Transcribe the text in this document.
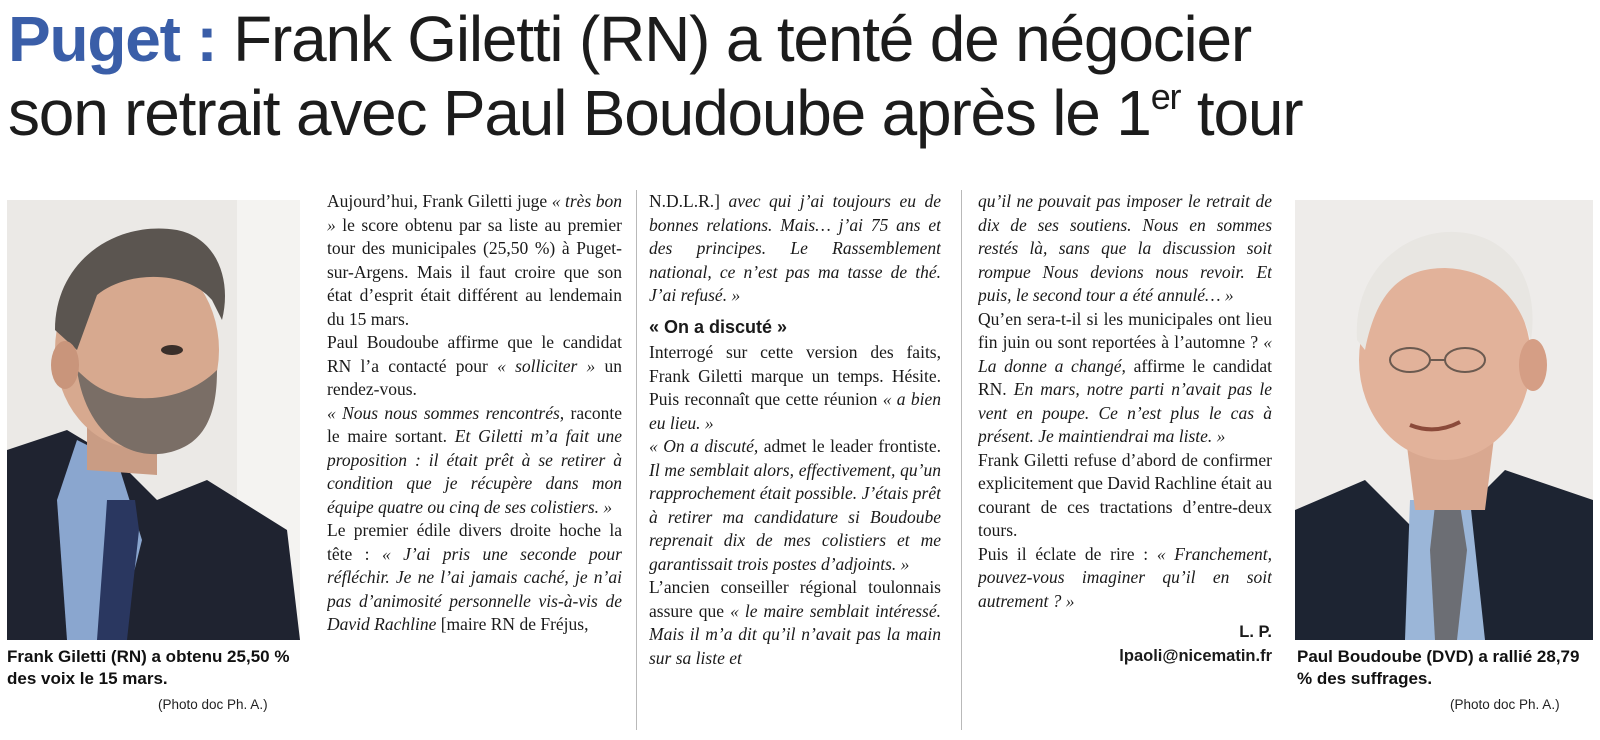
Puget : Frank Giletti (RN) a tenté de négocier
son retrait avec Paul Boudoube après le 1er tour
Frank Giletti (RN) a obtenu 25,50 % des voix le 15 mars.
(Photo doc Ph. A.)
Paul Boudoube (DVD) a rallié 28,79 % des suffrages.
(Photo doc Ph. A.)

Aujourd’hui, Frank Giletti juge « très bon » le score obtenu par sa liste au premier tour des municipales (25,50 %) à Puget-sur-Argens. Mais il faut croire que son état d’esprit était différent au lendemain du 15 mars.

Paul Boudoube affirme que le candidat RN l’a contacté pour « solliciter » un rendez-vous.

« Nous nous sommes rencontrés, raconte le maire sortant. Et Giletti m’a fait une proposition : il était prêt à se retirer à condition que je récupère dans mon équipe quatre ou cinq de ses colistiers. »

Le premier édile divers droite hoche la tête : « J’ai pris une seconde pour réfléchir. Je ne l’ai jamais caché, je n’ai pas d’animosité personnelle vis-à-vis de David Rachline [maire RN de Fréjus,

N.D.L.R.] avec qui j’ai toujours eu de bonnes relations. Mais… j’ai 75 ans et des principes. Le Rassemblement national, ce n’est pas ma tasse de thé. J’ai refusé. »

« On a discuté »

Interrogé sur cette version des faits, Frank Giletti marque un temps. Hésite. Puis reconnaît que cette réunion « a bien eu lieu. »

« On a discuté, admet le leader frontiste. Il me semblait alors, effectivement, qu’un rapprochement était possible. J’étais prêt à retirer ma candidature si Boudoube reprenait dix de mes colistiers et me garantissait trois postes d’adjoints. »

L’ancien conseiller régional toulonnais assure que « le maire semblait intéressé. Mais il m’a dit qu’il n’avait pas la main sur sa liste et

qu’il ne pouvait pas imposer le retrait de dix de ses soutiens. Nous en sommes restés là, sans que la discussion soit rompue Nous devions nous revoir. Et puis, le second tour a été annulé… »

Qu’en sera-t-il si les municipales ont lieu fin juin ou sont reportées à l’automne ? « La donne a changé, affirme le candidat RN. En mars, notre parti n’avait pas le vent en poupe. Ce n’est plus le cas à présent. Je maintiendrai ma liste. »

Frank Giletti refuse d’abord de confirmer explicitement que David Rachline était au courant de ces tractations d’entre-deux tours.

Puis il éclate de rire : « Franchement, pouvez-vous imaginer qu’il en soit autrement ? »

L. P.

lpaoli@nicematin.fr
